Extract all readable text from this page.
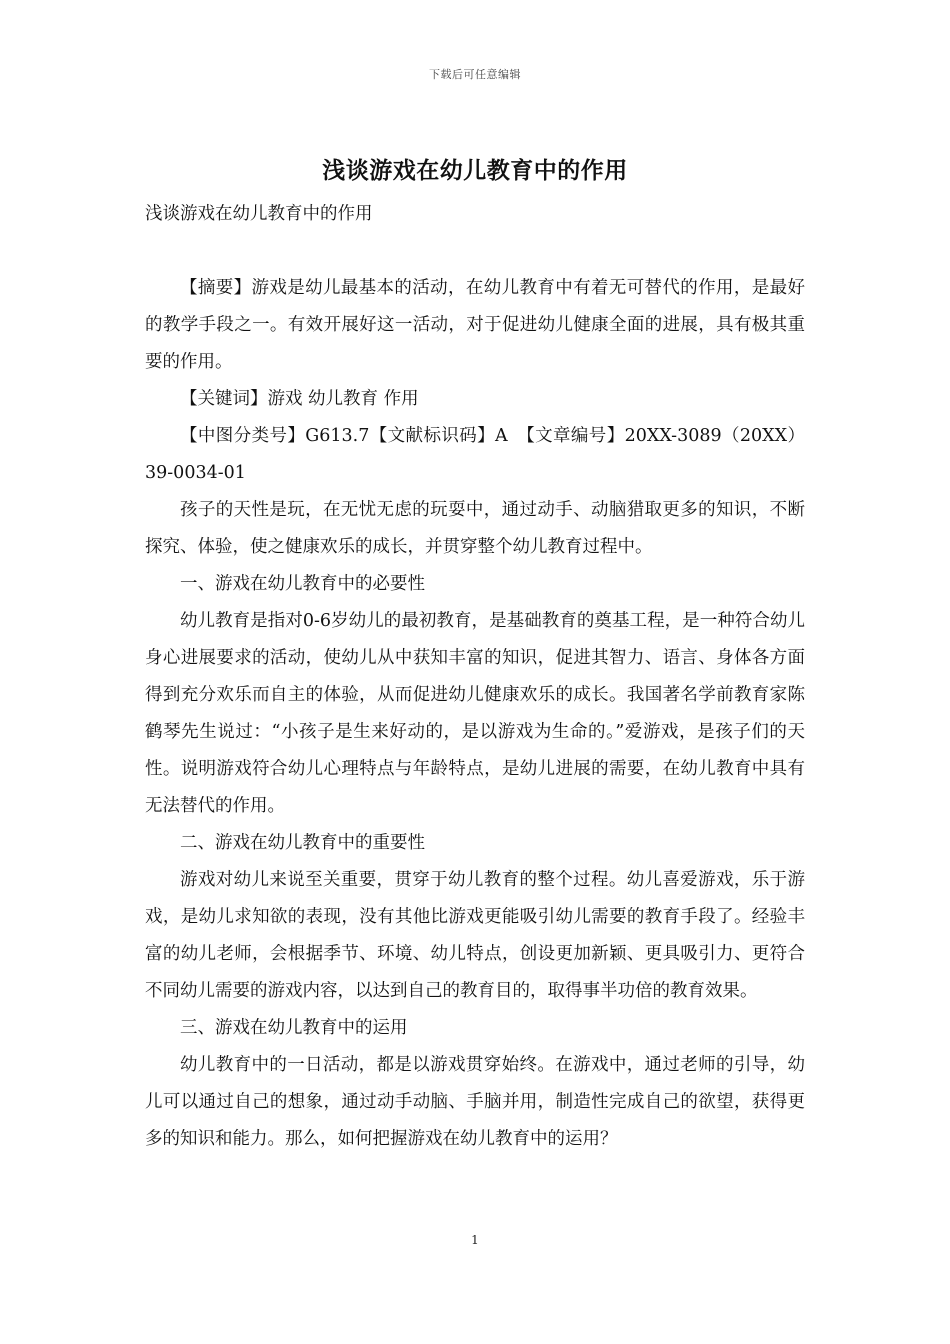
下载后可任意编辑
浅谈游戏在幼儿教育中的作用

浅谈游戏在幼儿教育中的作用

【摘要】游戏是幼儿最基本的活动，在幼儿教育中有着无可替代的作用，是最好的教学手段之一。有效开展好这一活动，对于促进幼儿健康全面的进展，具有极其重要的作用。

【关键词】游戏 幼儿教育 作用

【中图分类号】G613.7【文献标识码】A　【文章编号】20XX-3089（20XX）39-0034-01

孩子的天性是玩，在无忧无虑的玩耍中，通过动手、动脑猎取更多的知识，不断探究、体验，使之健康欢乐的成长，并贯穿整个幼儿教育过程中。

一、游戏在幼儿教育中的必要性

幼儿教育是指对0-6岁幼儿的最初教育，是基础教育的奠基工程，是一种符合幼儿身心进展要求的活动，使幼儿从中获知丰富的知识，促进其智力、语言、身体各方面得到充分欢乐而自主的体验，从而促进幼儿健康欢乐的成长。我国著名学前教育家陈鹤琴先生说过：“小孩子是生来好动的，是以游戏为生命的。”爱游戏，是孩子们的天性。说明游戏符合幼儿心理特点与年龄特点，是幼儿进展的需要，在幼儿教育中具有无法替代的作用。

二、游戏在幼儿教育中的重要性

游戏对幼儿来说至关重要，贯穿于幼儿教育的整个过程。幼儿喜爱游戏，乐于游戏，是幼儿求知欲的表现，没有其他比游戏更能吸引幼儿需要的教育手段了。经验丰富的幼儿老师，会根据季节、环境、幼儿特点，创设更加新颖、更具吸引力、更符合不同幼儿需要的游戏内容，以达到自己的教育目的，取得事半功倍的教育效果。

三、游戏在幼儿教育中的运用

幼儿教育中的一日活动，都是以游戏贯穿始终。在游戏中，通过老师的引导，幼儿可以通过自己的想象，通过动手动脑、手脑并用，制造性完成自己的欲望，获得更多的知识和能力。那么，如何把握游戏在幼儿教育中的运用？

1
